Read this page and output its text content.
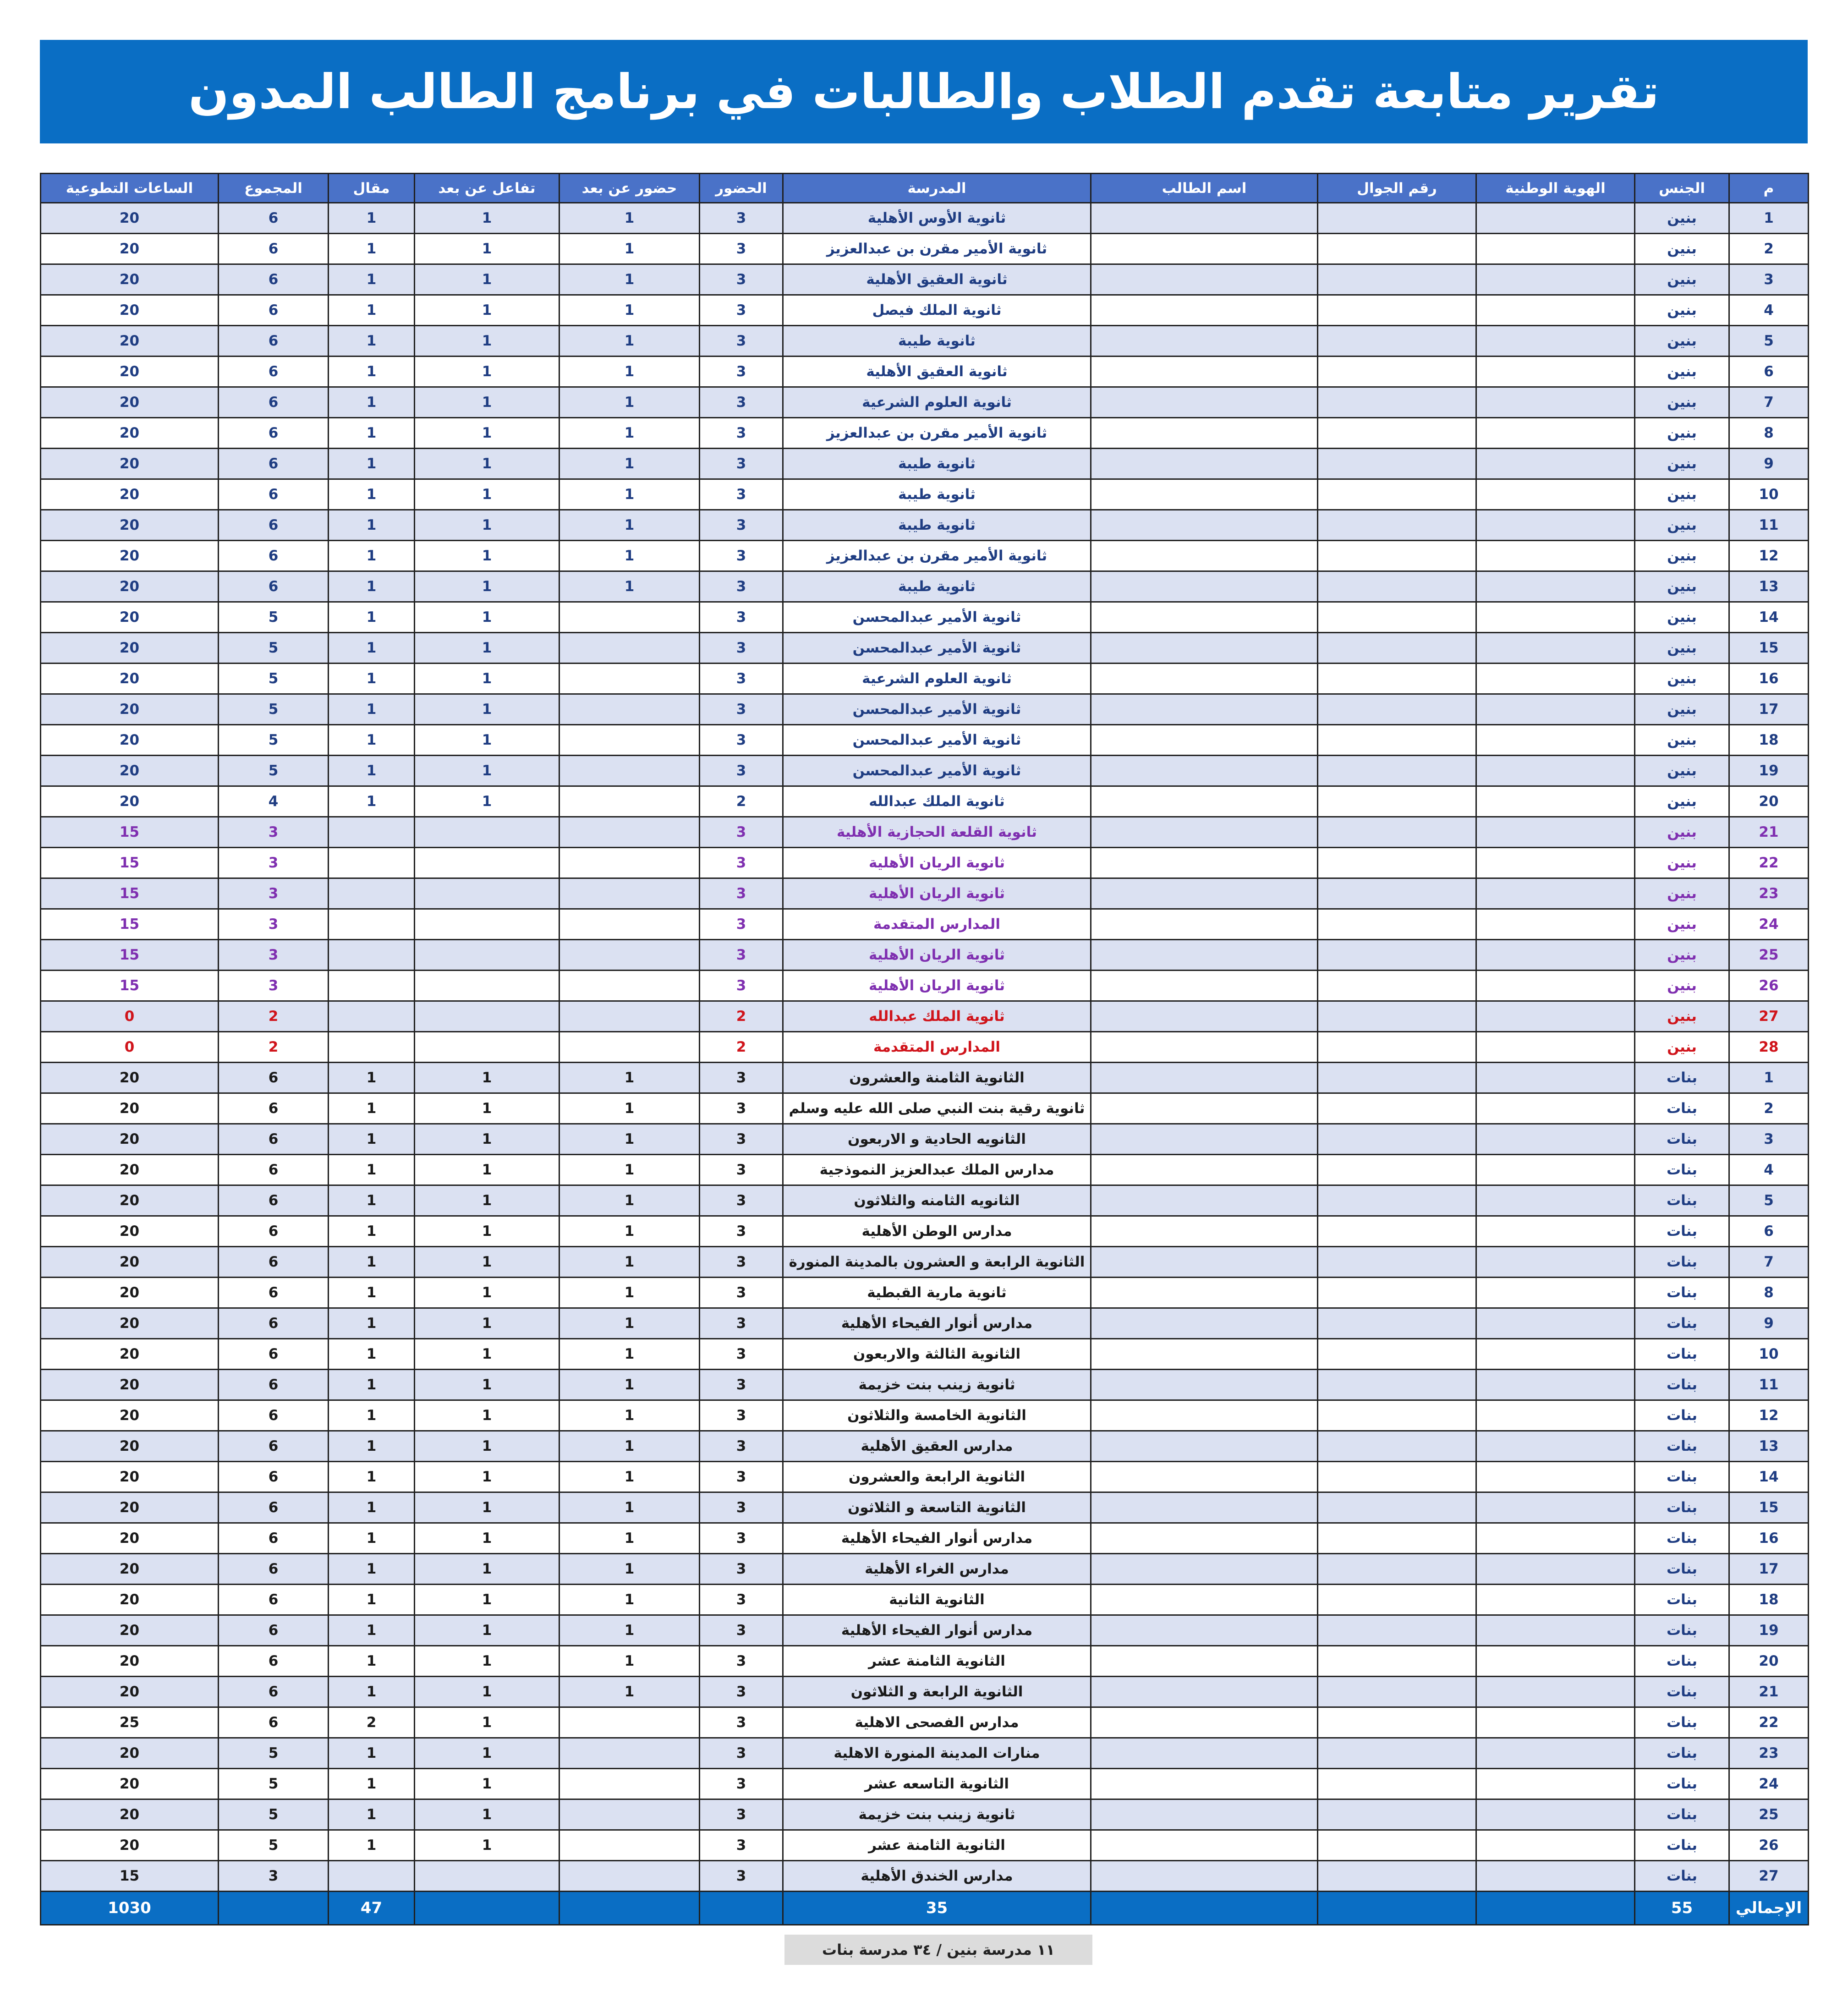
تقرير متابعة تقدم الطلاب والطالبات في برنامج الطالب المدون
م	الجنس	الهوية الوطنية	رقم الجوال	اسم الطالب	المدرسة	الحضور	حضور عن بعد	تفاعل عن بعد	مقال	المجموع	الساعات التطوعية
1	بنين				ثانوية الأوس الأهلية	3	1	1	1	6	20
2	بنين				ثانوية الأمير مقرن بن عبدالعزيز	3	1	1	1	6	20
3	بنين				ثانوية العقيق الأهلية	3	1	1	1	6	20
4	بنين				ثانوية الملك فيصل	3	1	1	1	6	20
5	بنين				ثانوية طيبة	3	1	1	1	6	20
6	بنين				ثانوية العقيق الأهلية	3	1	1	1	6	20
7	بنين				ثانوية العلوم الشرعية	3	1	1	1	6	20
8	بنين				ثانوية الأمير مقرن بن عبدالعزيز	3	1	1	1	6	20
9	بنين				ثانوية طيبة	3	1	1	1	6	20
10	بنين				ثانوية طيبة	3	1	1	1	6	20
11	بنين				ثانوية طيبة	3	1	1	1	6	20
12	بنين				ثانوية الأمير مقرن بن عبدالعزيز	3	1	1	1	6	20
13	بنين				ثانوية طيبة	3	1	1	1	6	20
14	بنين				ثانوية الأمير عبدالمحسن	3		1	1	5	20
15	بنين				ثانوية الأمير عبدالمحسن	3		1	1	5	20
16	بنين				ثانوية العلوم الشرعية	3		1	1	5	20
17	بنين				ثانوية الأمير عبدالمحسن	3		1	1	5	20
18	بنين				ثانوية الأمير عبدالمحسن	3		1	1	5	20
19	بنين				ثانوية الأمير عبدالمحسن	3		1	1	5	20
20	بنين				ثانوية الملك عبدالله	2		1	1	4	20
21	بنين				ثانوية القلعة الحجازية الأهلية	3				3	15
22	بنين				ثانوية الريان الأهلية	3				3	15
23	بنين				ثانوية الريان الأهلية	3				3	15
24	بنين				المدارس المتقدمة	3				3	15
25	بنين				ثانوية الريان الأهلية	3				3	15
26	بنين				ثانوية الريان الأهلية	3				3	15
27	بنين				ثانوية الملك عبدالله	2				2	0
28	بنين				المدارس المتقدمة	2				2	0
1	بنات				الثانوية الثامنة والعشرون	3	1	1	1	6	20
2	بنات				ثانوية رقية بنت النبي صلى الله عليه وسلم	3	1	1	1	6	20
3	بنات				الثانويه الحادية و الاربعون	3	1	1	1	6	20
4	بنات				مدارس الملك عبدالعزيز النموذجية	3	1	1	1	6	20
5	بنات				الثانويه الثامنه والثلاثون	3	1	1	1	6	20
6	بنات				مدارس الوطن الأهلية	3	1	1	1	6	20
7	بنات				الثانوية الرابعة و العشرون بالمدينة المنورة	3	1	1	1	6	20
8	بنات				ثانوية مارية القبطية	3	1	1	1	6	20
9	بنات				مدارس أنوار الفيحاء الأهلية	3	1	1	1	6	20
10	بنات				الثانوية الثالثة والاربعون	3	1	1	1	6	20
11	بنات				ثانوية زينب بنت خزيمة	3	1	1	1	6	20
12	بنات				الثانوية الخامسة والثلاثون	3	1	1	1	6	20
13	بنات				مدارس العقيق الأهلية	3	1	1	1	6	20
14	بنات				الثانوية الرابعة والعشرون	3	1	1	1	6	20
15	بنات				الثانوية التاسعة و الثلاثون	3	1	1	1	6	20
16	بنات				مدارس أنوار الفيحاء الأهلية	3	1	1	1	6	20
17	بنات				مدارس الغراء الأهلية	3	1	1	1	6	20
18	بنات				الثانوية الثانية	3	1	1	1	6	20
19	بنات				مدارس أنوار الفيحاء الأهلية	3	1	1	1	6	20
20	بنات				الثانوية الثامنة عشر	3	1	1	1	6	20
21	بنات				الثانوية الرابعة و الثلاثون	3	1	1	1	6	20
22	بنات				مدارس الفصحى الاهلية	3		1	2	6	25
23	بنات				منارات المدينة المنورة الاهلية	3		1	1	5	20
24	بنات				الثانوية التاسعه عشر	3		1	1	5	20
25	بنات				ثانوية زينب بنت خزيمة	3		1	1	5	20
26	بنات				الثانوية الثامنة عشر	3		1	1	5	20
27	بنات				مدارس الخندق الأهلية	3				3	15
الإجمالي	55				35				47		1030
١١ مدرسة بنين / ٣٤ مدرسة بنات
